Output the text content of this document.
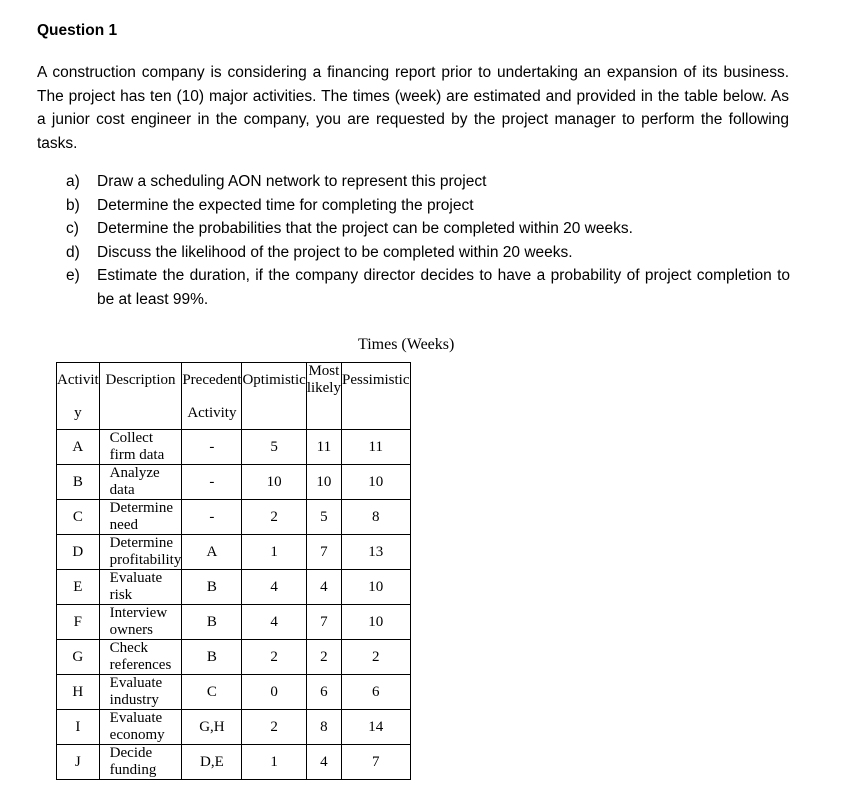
Question 1
A construction company is considering a financing report prior to undertaking an expansion of its business. The project has ten (10) major activities. The times (week) are estimated and provided in the table below. As a junior cost engineer in the company, you are requested by the project manager to perform the following tasks.
a) Draw a scheduling AON network to represent this project
b) Determine the expected time for completing the project
c) Determine the probabilities that the project can be completed within 20 weeks.
d) Discuss the likelihood of the project to be completed within 20 weeks.
e) Estimate the duration, if the company director decides to have a probability of project completion to be at least 99%.
Times (Weeks)
Activit	Description	Precedent	Optimistic	Most likely	Pessimistic
y		Activity			
A	Collect firm data	-	5	11	11
B	Analyze data	-	10	10	10
C	Determine need	-	2	5	8
D	Determine profitability	A	1	7	13
E	Evaluate risk	B	4	4	10
F	Interview owners	B	4	7	10
G	Check references	B	2	2	2
H	Evaluate industry	C	0	6	6
I	Evaluate economy	G,H	2	8	14
J	Decide funding	D,E	1	4	7
